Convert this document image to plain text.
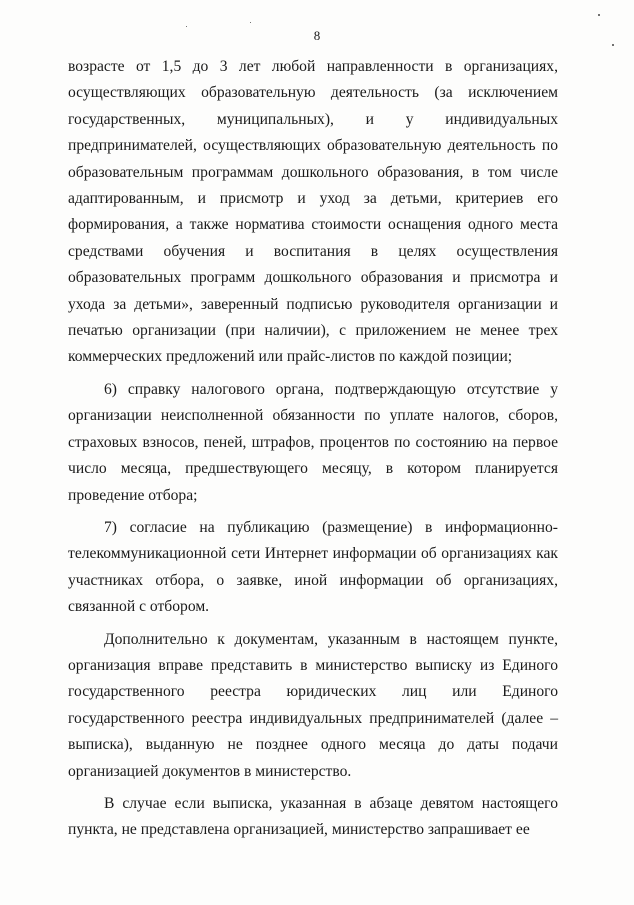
8

возрасте от 1,5 до 3 лет любой направленности в организациях, осуществляющих образовательную деятельность (за исключением государственных, муниципальных), и у индивидуальных предпринимателей, осуществляющих образовательную деятельность по образовательным программам дошкольного образования, в том числе адаптированным, и присмотр и уход за детьми, критериев его формирования, а также норматива стоимости оснащения одного места средствами обучения и воспитания в целях осуществления образовательных программ дошкольного образования и присмотра и ухода за детьми», заверенный подписью руководителя организации и печатью организации (при наличии), с приложением не менее трех коммерческих предложений или прайс-листов по каждой позиции;

6) справку налогового органа, подтверждающую отсутствие у организации неисполненной обязанности по уплате налогов, сборов, страховых взносов, пеней, штрафов, процентов по состоянию на первое число месяца, предшествующего месяцу, в котором планируется проведение отбора;

7) согласие на публикацию (размещение) в информационно-телекоммуникационной сети Интернет информации об организациях как участниках отбора, о заявке, иной информации об организациях, связанной с отбором.

Дополнительно к документам, указанным в настоящем пункте, организация вправе представить в министерство выписку из Единого государственного реестра юридических лиц или Единого государственного реестра индивидуальных предпринимателей (далее – выписка), выданную не позднее одного месяца до даты подачи организацией документов в министерство.

В случае если выписка, указанная в абзаце девятом настоящего пункта, не представлена организацией, министерство запрашивает ее
